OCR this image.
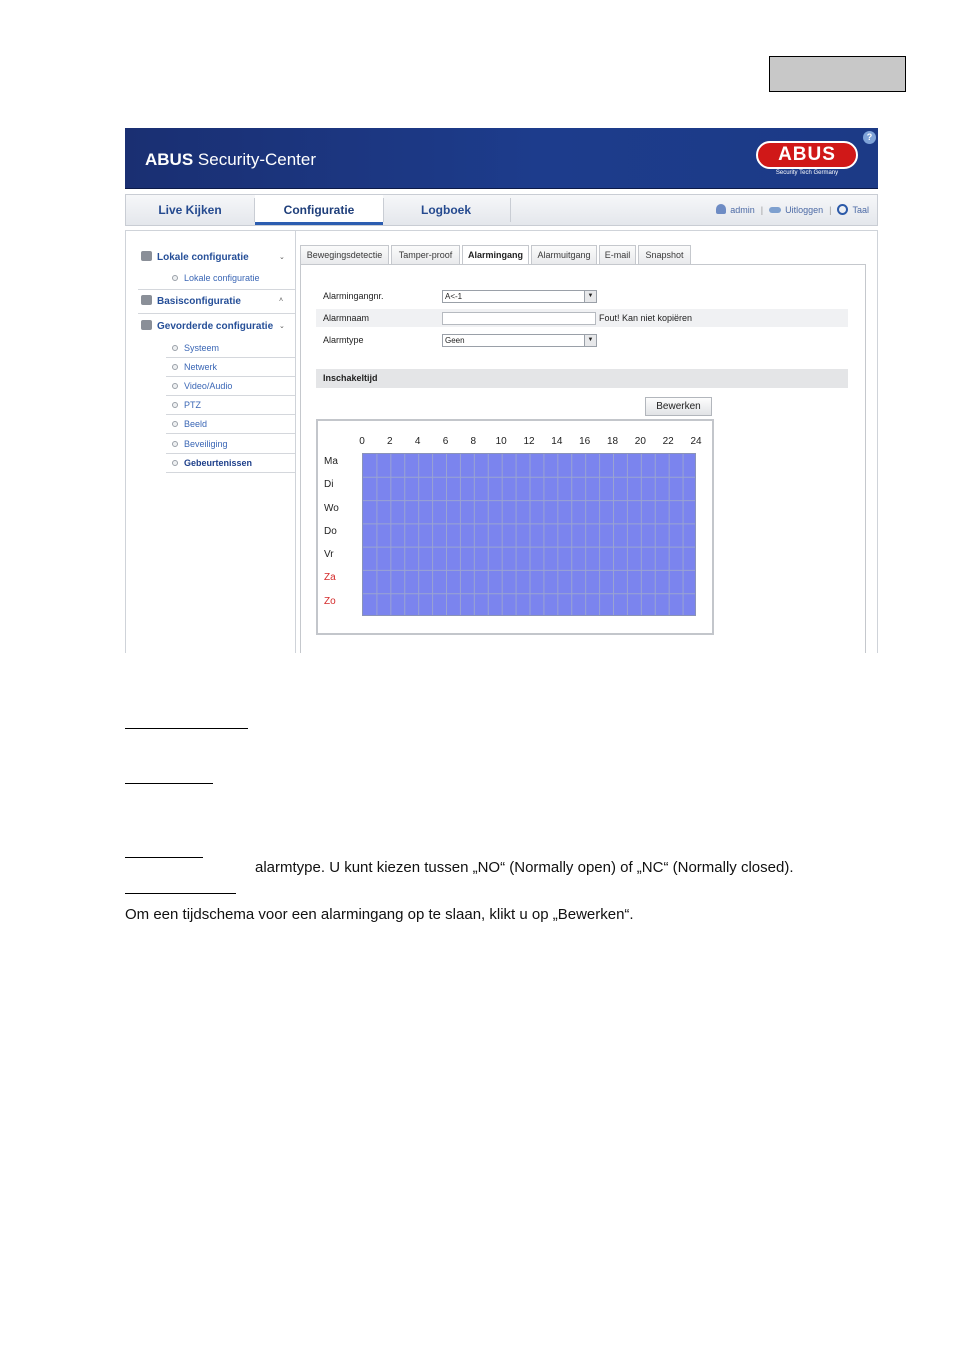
ABUS Security-Center
?
ABUS
Security Tech Germany
Live Kijken	Configuratie	Logboek	admin | Uitloggen | Taal
Lokale configuratie	⌄
Lokale configuratie
Basisconfiguratie	˄
Gevorderde configuratie ⌄
Systeem
Netwerk
Video/Audio
PTZ
Beeld
Beveiliging
Gebeurtenissen
Bewegingsdetectie	Tamper-proof	Alarmingang	Alarmuitgang	E-mail	Snapshot
Alarmingangnr.	A<-1	▼
Alarmnaam	Fout! Kan niet kopiëren
Alarmtype	Geen	▼
Inschakeltijd
Bewerken
0	2	4	6	8	10	12	14	16	18	20	22	24
Ma
Di
Wo
Do
Vr
Za
Zo
alarmtype. U kunt kiezen tussen „NO“ (Normally open) of „NC“ (Normally closed).
Om een tijdschema voor een alarmingang op te slaan, klikt u op „Bewerken“.
